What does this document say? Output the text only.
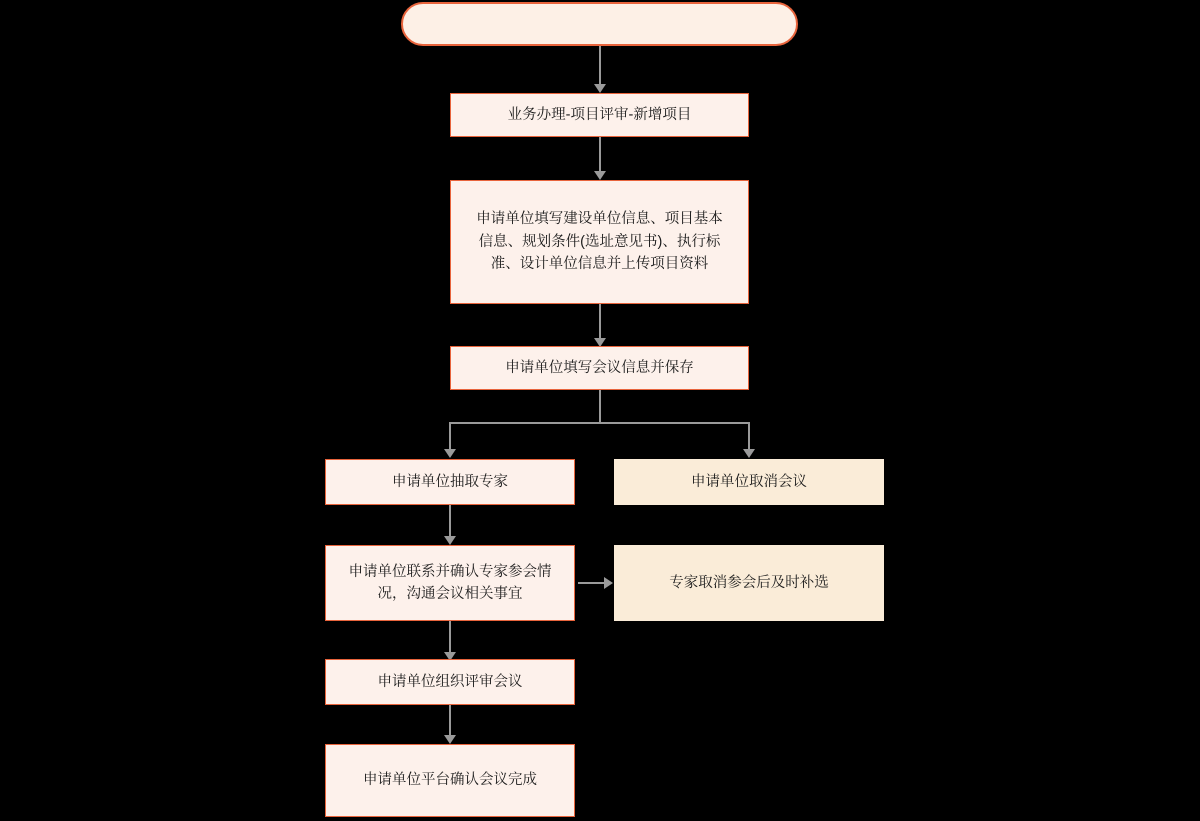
业务办理-项目评审-新增项目
申请单位填写建设单位信息、项目基本信息、规划条件(选址意见书)、执行标准、设计单位信息并上传项目资料
申请单位填写会议信息并保存
申请单位抽取专家	申请单位取消会议
申请单位联系并确认专家参会情况，沟通会议相关事宜
专家取消参会后及时补选
申请单位组织评审会议
申请单位平台确认会议完成
